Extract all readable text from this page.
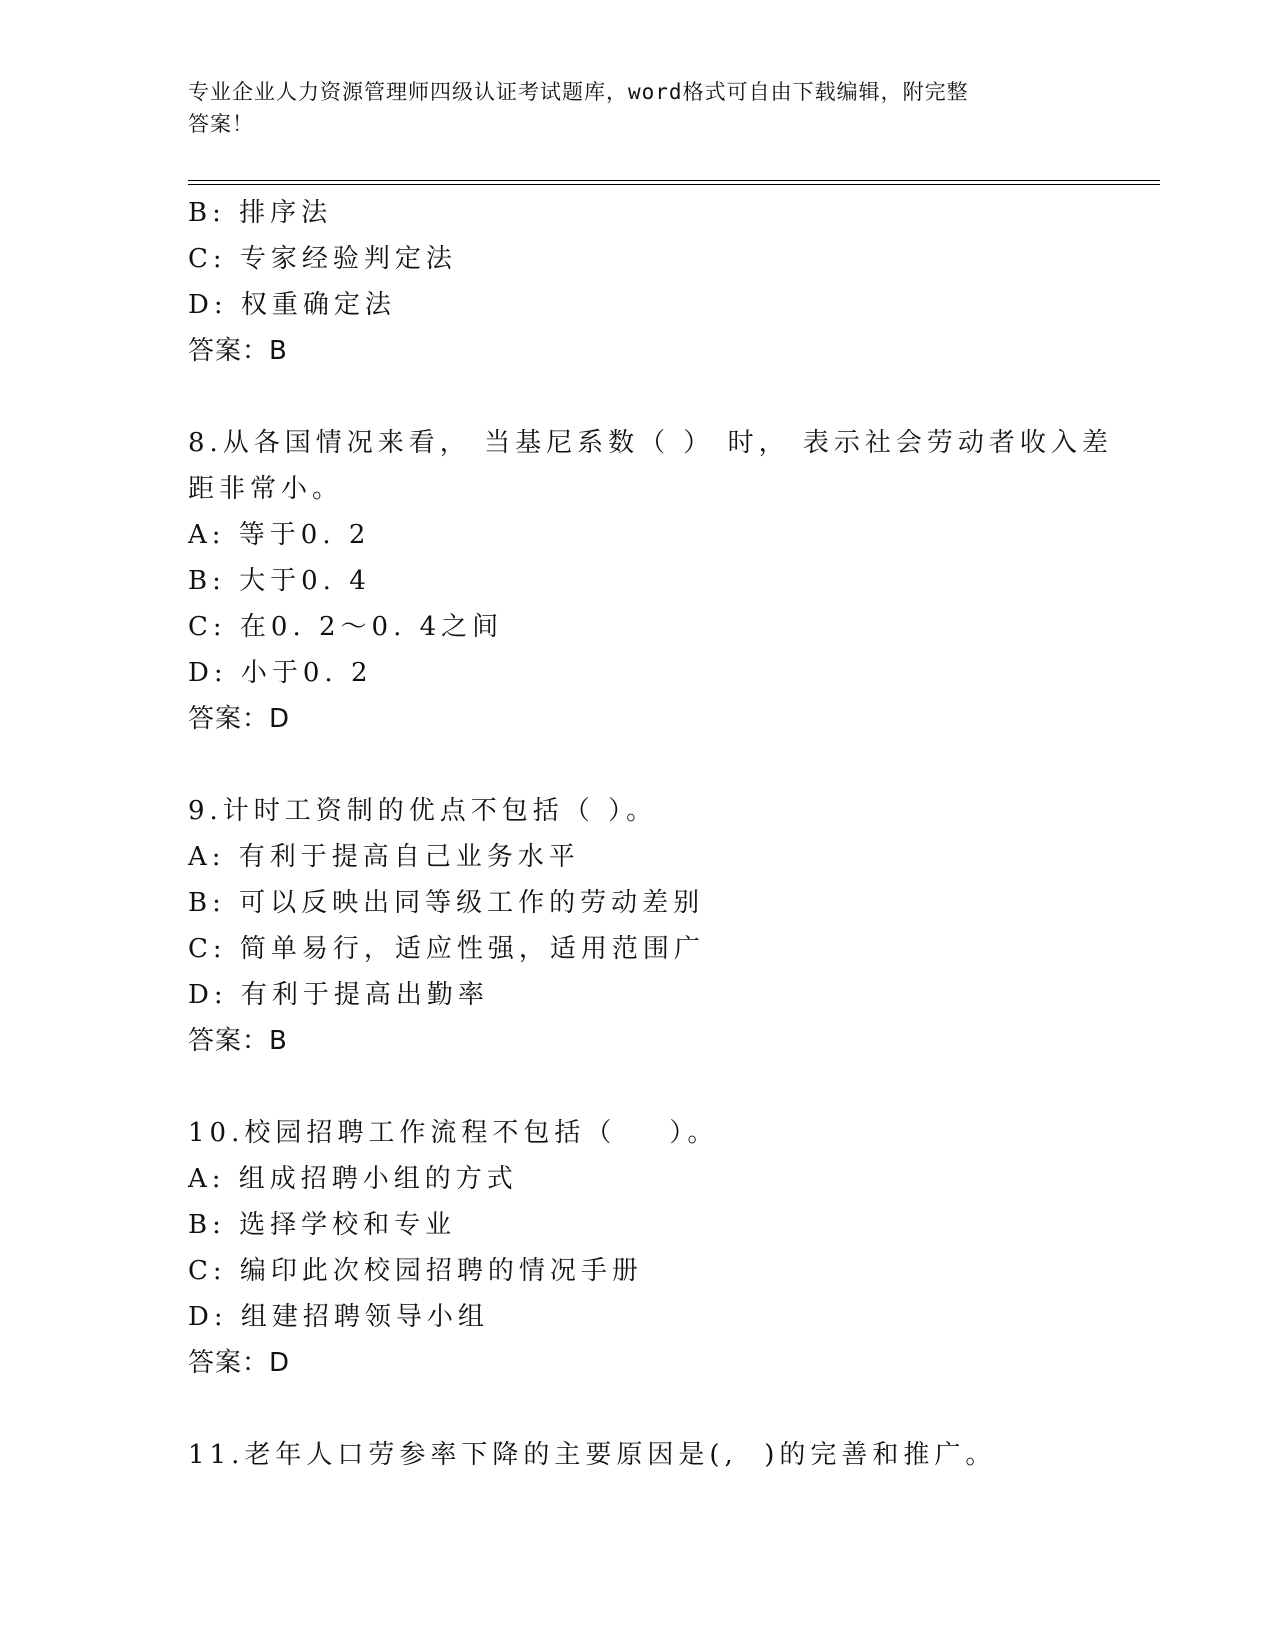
专业企业人力资源管理师四级认证考试题库，word格式可自由下载编辑，附完整
答案！
B: 排序法
C: 专家经验判定法
D: 权重确定法
答案：B
8.从各国情况来看， 当基尼系数（ ） 时， 表示社会劳动者收入差
距非常小。
A: 等于0. 2
B: 大于0. 4
C: 在0. 2～0. 4之间
D: 小于0. 2
答案：D
9.计时工资制的优点不包括（ ）。
A: 有利于提高自己业务水平
B: 可以反映出同等级工作的劳动差别
C: 简单易行，适应性强，适用范围广
D: 有利于提高出勤率
答案：B
10.校园招聘工作流程不包括（    ）。
A: 组成招聘小组的方式
B: 选择学校和专业
C: 编印此次校园招聘的情况手册
D: 组建招聘领导小组
答案：D
11.老年人口劳参率下降的主要原因是(,  )的完善和推广。
